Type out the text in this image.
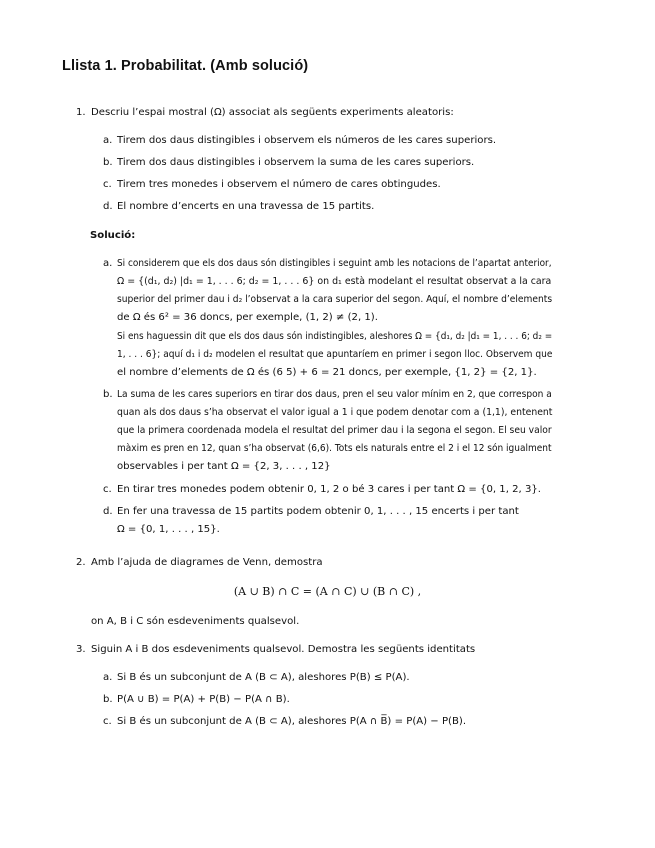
Llista 1. Probabilitat. (Amb solució)
1. Descriu l’espai mostral (Ω) associat als següents experiments aleatoris:
a. Tirem dos daus distingibles i observem els números de les cares superiors.
b. Tirem dos daus distingibles i observem la suma de les cares superiors.
c. Tirem tres monedes i observem el número de cares obtingudes.
d. El nombre d’encerts en una travessa de 15 partits.
Solució:
a. Si considerem que els dos daus són distingibles i seguint amb les notacions de l’apartat anterior,
Ω = {(d₁, d₂) |d₁ = 1, . . . 6; d₂ = 1, . . . 6} on d₁ està modelant el resultat observat a la cara
superior del primer dau i d₂ l’observat a la cara superior del segon. Aquí, el nombre d’elements
de Ω és 6² = 36 doncs, per exemple, (1, 2) ≠ (2, 1).
Si ens haguessin dit que els dos daus són indistingibles, aleshores Ω = {d₁, d₂ |d₁ = 1, . . . 6; d₂ =
1, . . . 6}; aquí d₁ i d₂ modelen el resultat que apuntaríem en primer i segon lloc. Observem que
el nombre d’elements de Ω és (6 5) + 6 = 21 doncs, per exemple, {1, 2} = {2, 1}.
b. La suma de les cares superiors en tirar dos daus, pren el seu valor mínim en 2, que correspon a
quan als dos daus s’ha observat el valor igual a 1 i que podem denotar com a (1,1), entenent
que la primera coordenada modela el resultat del primer dau i la segona el segon. El seu valor
màxim es pren en 12, quan s’ha observat (6,6). Tots els naturals entre el 2 i el 12 són igualment
observables i per tant Ω = {2, 3, . . . , 12}
c. En tirar tres monedes podem obtenir 0, 1, 2 o bé 3 cares i per tant Ω = {0, 1, 2, 3}.
d. En fer una travessa de 15 partits podem obtenir 0, 1, . . . , 15 encerts i per tant
Ω = {0, 1, . . . , 15}.
2. Amb l’ajuda de diagrames de Venn, demostra
(A ∪ B) ∩ C = (A ∩ C) ∪ (B ∩ C) ,
on A, B i C són esdeveniments qualsevol.
3. Siguin A i B dos esdeveniments qualsevol. Demostra les següents identitats
a. Si B és un subconjunt de A (B ⊂ A), aleshores P(B) ≤ P(A).
b. P(A ∪ B) = P(A) + P(B) − P(A ∩ B).
c. Si B és un subconjunt de A (B ⊂ A), aleshores P(A ∩ B̅) = P(A) − P(B).
